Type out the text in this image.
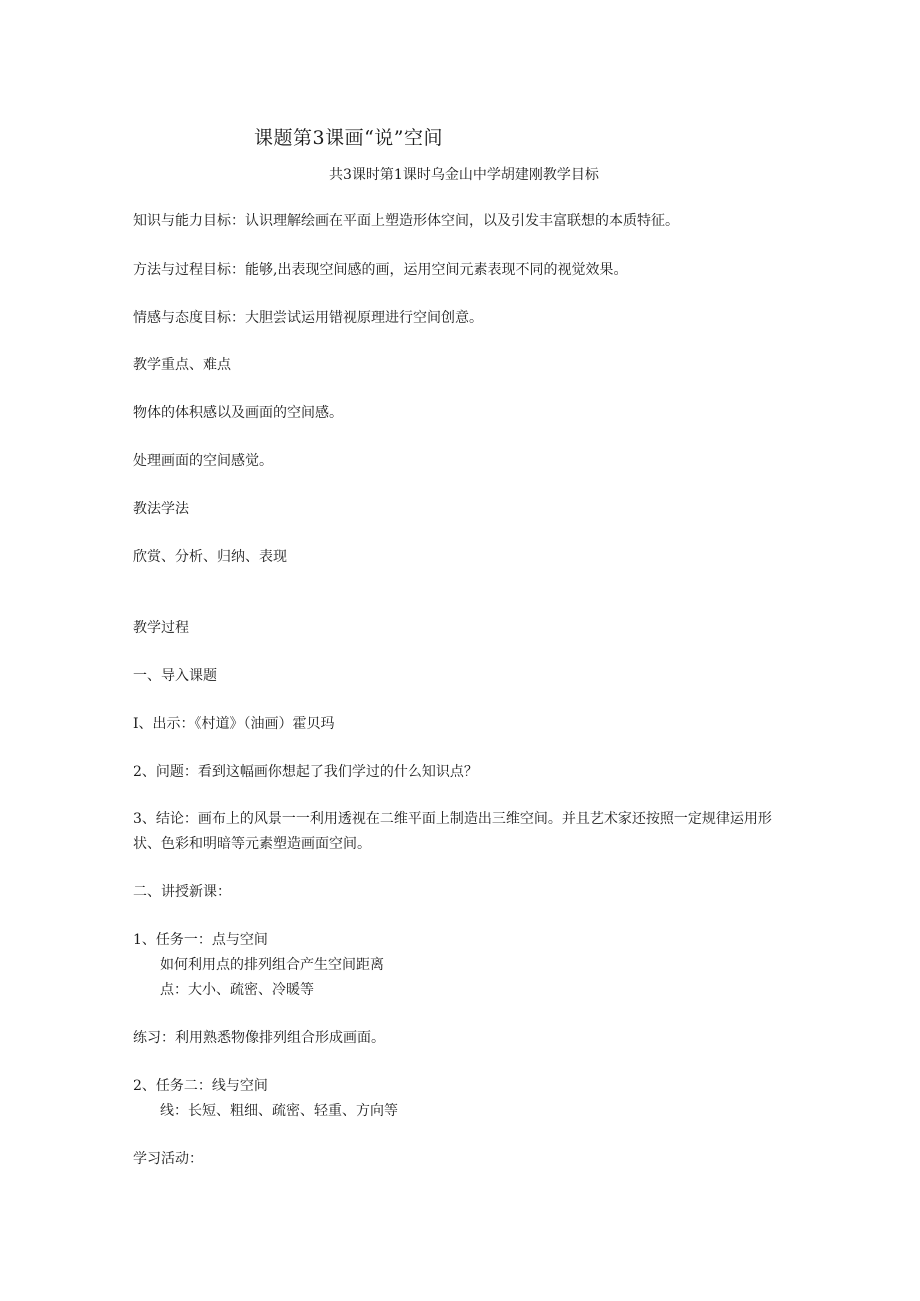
课题第3课画“说”空间
共3课时第1课时乌金山中学胡建刚教学目标
知识与能力目标：认识理解绘画在平面上塑造形体空间，以及引发丰富联想的本质特征。
方法与过程目标：能够,出表现空间感的画，运用空间元素表现不同的视觉效果。
情感与态度目标：大胆尝试运用错视原理进行空间创意。
教学重点、难点
物体的体积感以及画面的空间感。
处理画面的空间感觉。
教法学法
欣赏、分析、归纳、表现
教学过程
一、导入课题
I、出示：《村道》（油画）霍贝玛
2、问题：看到这幅画你想起了我们学过的什么知识点？
3、结论：画布上的风景一一利用透视在二维平面上制造出三维空间。并且艺术家还按照一定规律运用形状、色彩和明暗等元素塑造画面空间。
二、讲授新课：
1、任务一：点与空间
如何利用点的排列组合产生空间距离
点：大小、疏密、冷暖等
练习：利用熟悉物像排列组合形成画面。
2、任务二：线与空间
线：长短、粗细、疏密、轻重、方向等
学习活动：
